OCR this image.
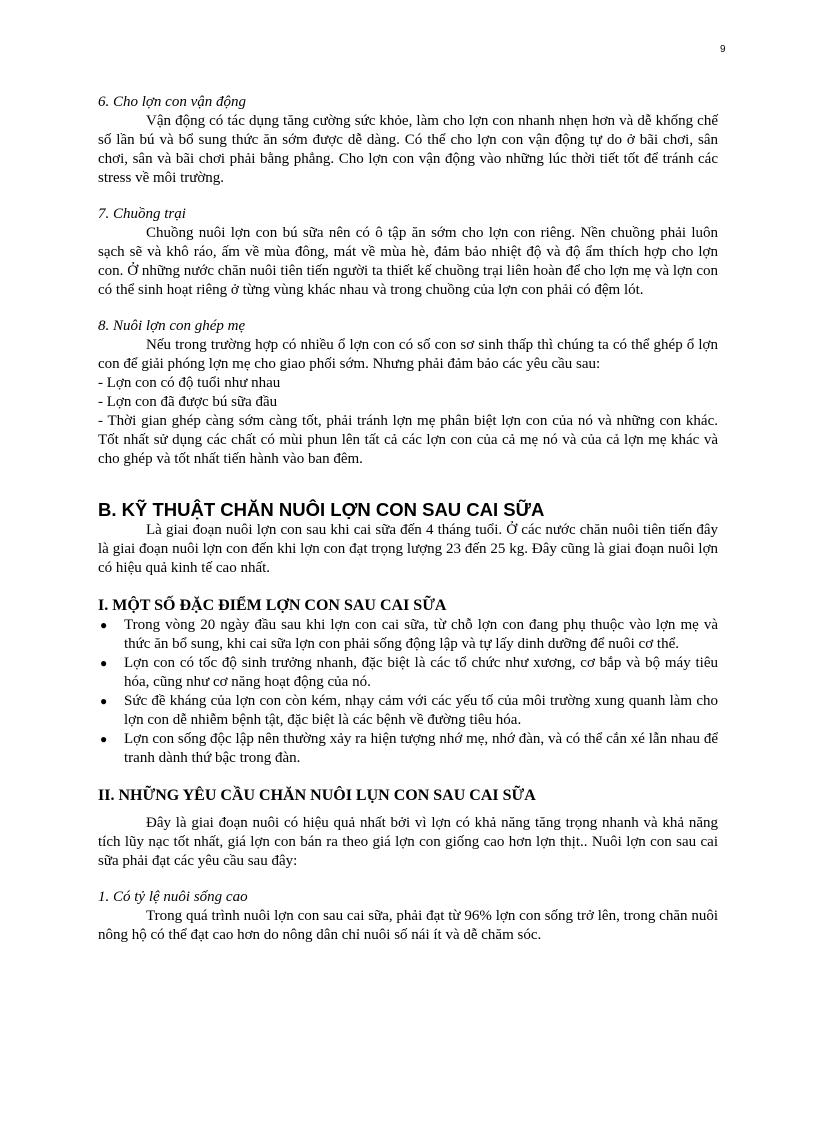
9

6. Cho lợn con vận động

Vận động có tác dụng tăng cường sức khỏe, làm cho lợn con nhanh nhẹn hơn và dễ khống chế số lần bú và bổ sung thức ăn sớm được dễ dàng. Có thể cho lợn con vận động tự do ở bãi chơi, sân chơi, sân và bãi chơi phải bằng phẳng. Cho lợn con vận động vào những lúc thời tiết tốt để tránh các stress về môi trường.

7. Chuồng trại

Chuồng nuôi lợn con bú sữa nên có ô tập ăn sớm cho lợn con riêng. Nền chuồng phải luôn sạch sẽ và khô ráo, ấm về mùa đông, mát về mùa hè, đảm bảo nhiệt độ và độ ẩm thích hợp cho lợn con. Ở những nước chăn nuôi tiên tiến người ta thiết kế chuồng trại liên hoàn để cho lợn mẹ và lợn con có thể sinh hoạt riêng ở từng vùng khác nhau và trong chuồng của lợn con phải có đệm lót.

8. Nuôi lợn con ghép mẹ

Nếu trong trường hợp có nhiều ổ lợn con có số con sơ sinh thấp thì chúng ta có thể ghép ổ lợn con để giải phóng lợn mẹ cho giao phối sớm. Nhưng phải đảm bảo các yêu cầu sau:

- Lợn con có độ tuổi như nhau

- Lợn con đã được bú sữa đầu

- Thời gian ghép càng sớm càng tốt, phải tránh lợn mẹ phân biệt lợn con của nó và những con khác. Tốt nhất sử dụng các chất có mùi phun lên tất cả các lợn con của cả mẹ nó và của cả lợn mẹ khác và cho ghép và tốt nhất tiến hành vào ban đêm.

B. KỸ THUẬT CHĂN NUÔI LỢN CON SAU CAI SỮA

Là giai đoạn nuôi lợn con sau khi cai sữa đến 4 tháng tuổi. Ở các nước chăn nuôi tiên tiến đây là giai đoạn nuôi lợn con đến khi lợn con đạt trọng lượng 23 đến 25 kg. Đây cũng là giai đoạn nuôi lợn có hiệu quả kinh tế cao nhất.

I. MỘT SỐ ĐẶC ĐIỂM LỢN CON SAU CAI SỮA
● Trong vòng 20 ngày đầu sau khi lợn con cai sữa, từ chỗ lợn con đang phụ thuộc vào lợn mẹ và thức ăn bổ sung, khi cai sữa lợn con phải sống động lập và tự lấy dinh dưỡng để nuôi cơ thể.
● Lợn con có tốc độ sinh trưởng nhanh, đặc biệt là các tổ chức như xương, cơ bắp và bộ máy tiêu hóa, cũng như cơ năng hoạt động của nó.
● Sức đề kháng của lợn con còn kém, nhạy cảm với các yếu tố của môi trường xung quanh làm cho lợn con dễ nhiễm bệnh tật, đặc biệt là các bệnh về đường tiêu hóa.
● Lợn con sống độc lập nên thường xảy ra hiện tượng nhớ mẹ, nhớ đàn, và có thể cắn xé lẫn nhau để tranh dành thứ bậc trong đàn.
II. NHỮNG YÊU CẦU CHĂN NUÔI LỤN CON SAU CAI SỮA

Đây là giai đoạn nuôi có hiệu quả nhất bởi vì lợn có khả năng tăng trọng nhanh và khả năng tích lũy nạc tốt nhất, giá lợn con bán ra theo giá lợn con giống cao hơn lợn thịt.. Nuôi lợn con sau cai sữa phải đạt các yêu cầu sau đây:

1. Có tỷ lệ nuôi sống cao

Trong quá trình nuôi lợn con sau cai sữa, phải đạt từ 96% lợn con sống trở lên, trong chăn nuôi nông hộ có thể đạt cao hơn do nông dân chỉ nuôi số nái ít và dễ chăm sóc.
